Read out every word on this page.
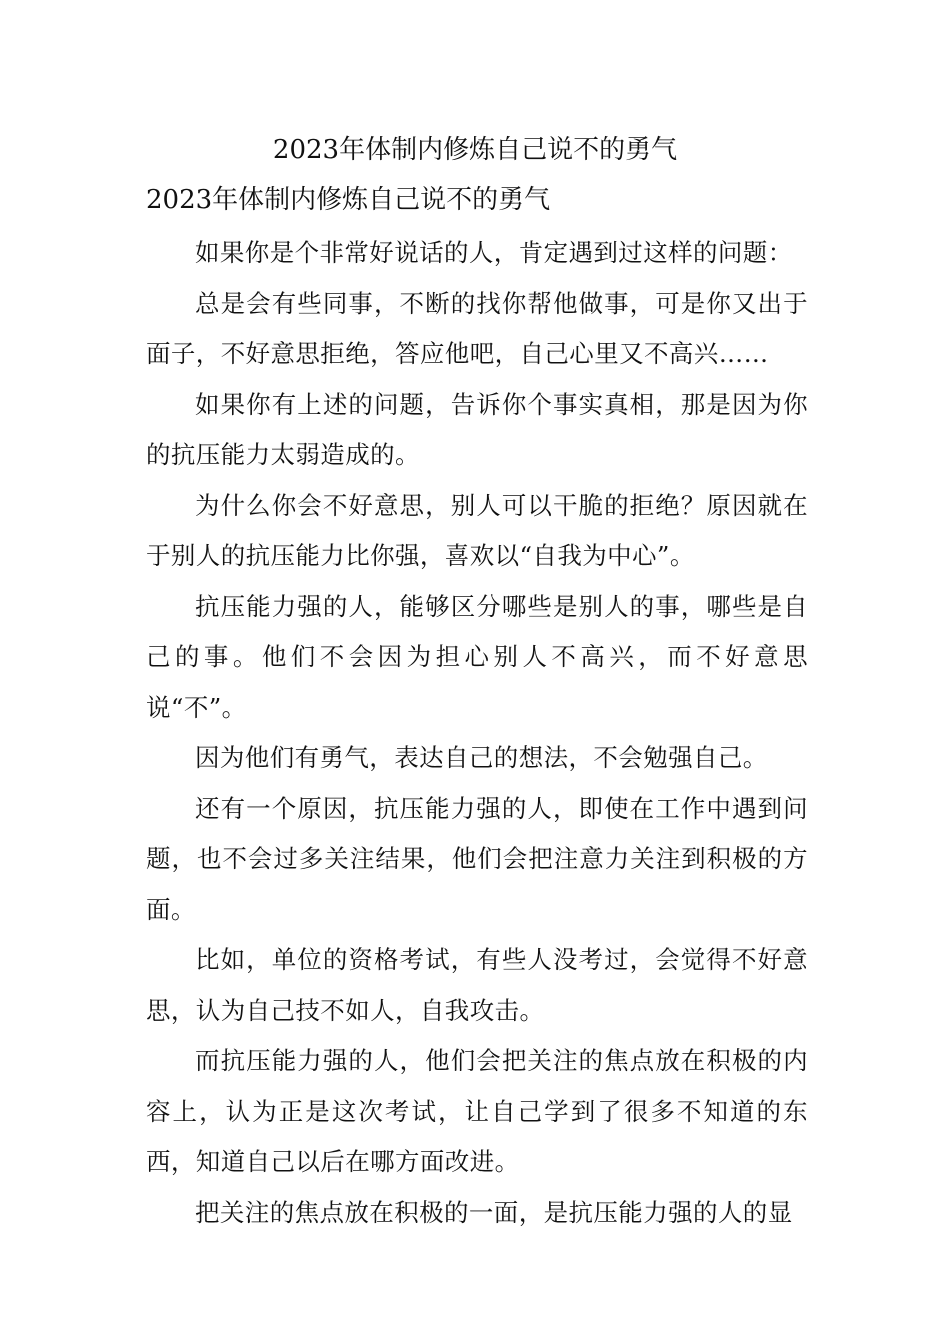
2023年体制内修炼自己说不的勇气
2023年体制内修炼自己说不的勇气

如果你是个非常好说话的人，肯定遇到过这样的问题：

总是会有些同事，不断的找你帮他做事，可是你又出于面子，不好意思拒绝，答应他吧，自己心里又不高兴……

如果你有上述的问题，告诉你个事实真相，那是因为你的抗压能力太弱造成的。

为什么你会不好意思，别人可以干脆的拒绝？原因就在于别人的抗压能力比你强，喜欢以“自我为中心”。

抗压能力强的人，能够区分哪些是别人的事，哪些是自己的事。他们不会因为担心别人不高兴，而不好意思说“不”。

因为他们有勇气，表达自己的想法，不会勉强自己。

还有一个原因，抗压能力强的人，即使在工作中遇到问题，也不会过多关注结果，他们会把注意力关注到积极的方面。

比如，单位的资格考试，有些人没考过，会觉得不好意思，认为自己技不如人，自我攻击。

而抗压能力强的人，他们会把关注的焦点放在积极的内容上，认为正是这次考试，让自己学到了很多不知道的东西，知道自己以后在哪方面改进。

把关注的焦点放在积极的一面，是抗压能力强的人的显
